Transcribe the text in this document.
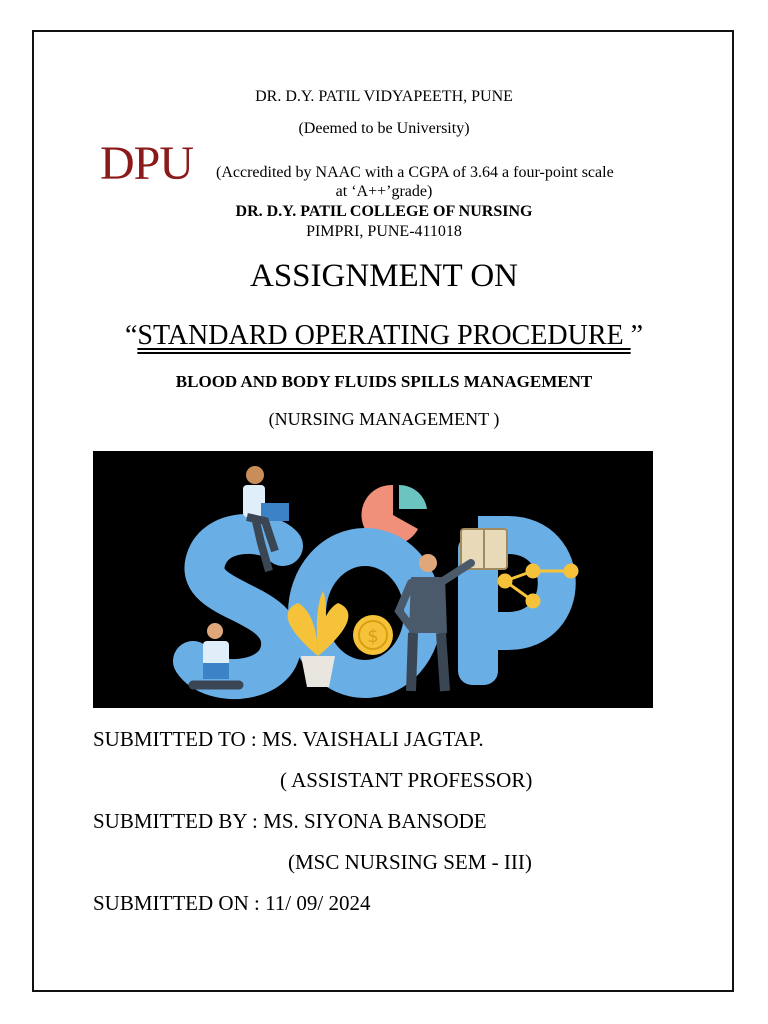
DR. D.Y. PATIL VIDYAPEETH, PUNE
(Deemed to be University)
DPU (Accredited by NAAC with a CGPA of 3.64 a four-point scale
at ‘A++’grade)
DR. D.Y. PATIL COLLEGE OF NURSING
PIMPRI, PUNE-411018
ASSIGNMENT ON
“STANDARD OPERATING PROCEDURE ”
BLOOD AND BODY FLUIDS SPILLS MANAGEMENT
(NURSING MANAGEMENT )
$
SUBMITTED TO : MS. VAISHALI JAGTAP.
( ASSISTANT PROFESSOR)
SUBMITTED BY : MS. SIYONA BANSODE
(MSC NURSING SEM - III)
SUBMITTED ON : 11/ 09/ 2024
